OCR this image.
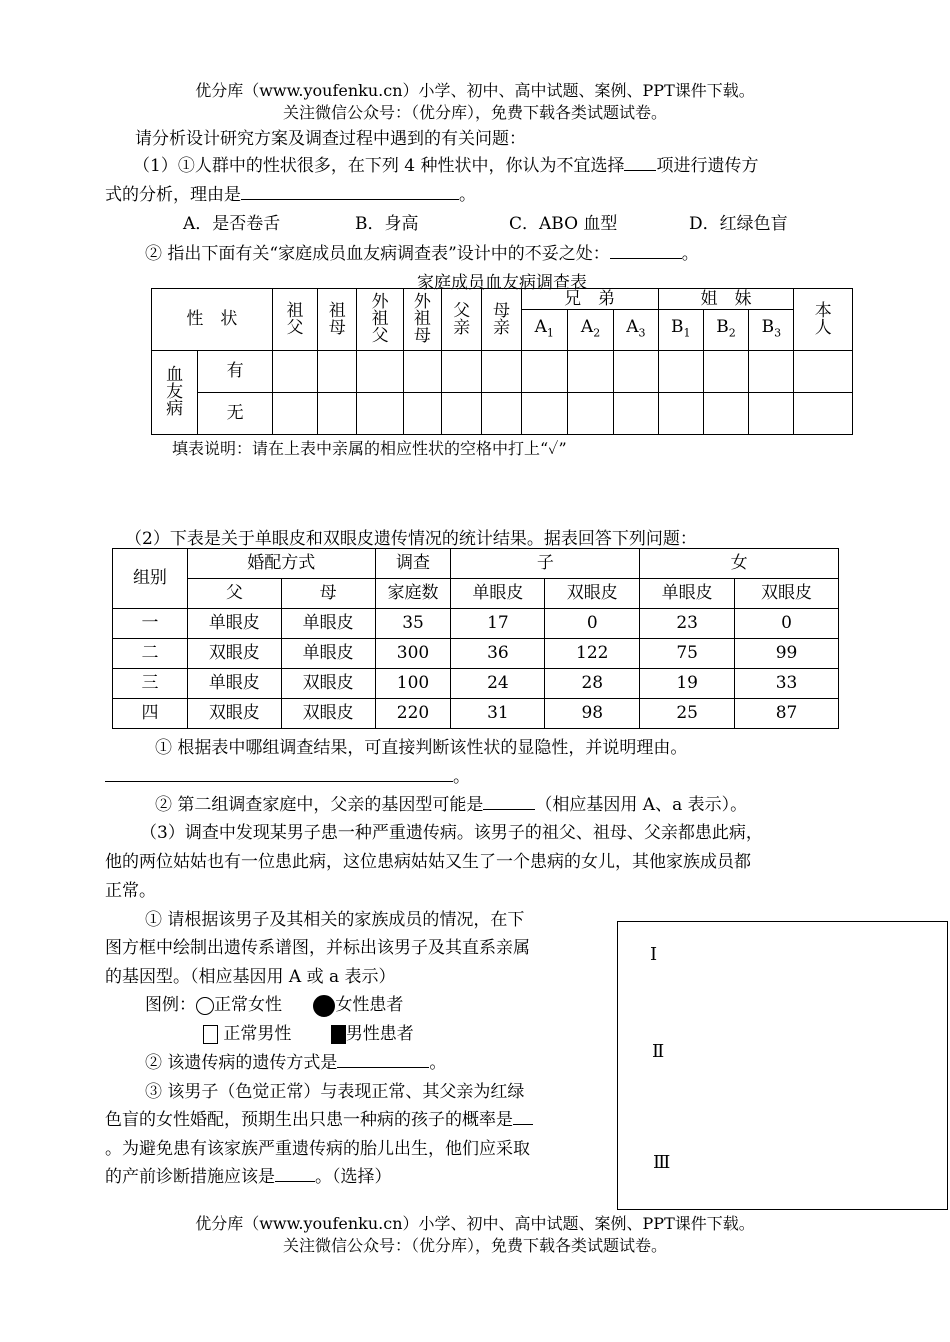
优分库（www.youfenku.cn）小学、初中、高中试题、案例、PPT课件下载。
关注微信公众号：（优分库），免费下载各类试题试卷。
请分析设计研究方案及调查过程中遇到的有关问题：
（1）①人群中的性状很多，在下列 4 种性状中，你认为不宜选择 项进行遗传方
式的分析，理由是	。
A．是否卷舌	B．身高	C．ABO 血型	D．红绿色盲
② 指出下面有关“家庭成员血友病调查表”设计中的不妥之处：	。
家庭成员血友病调查表
性　状		祖父	祖母	外祖父	外祖母	父亲	母亲	兄　弟			姐　妹			本人
								$A_1$	$A_2$	$A_3$	$B_1$	$B_2$	$B_3$
血友病	有													
	无													
填表说明：请在上表中亲属的相应性状的空格中打上“✓”
（2）下表是关于单眼皮和双眼皮遗传情况的统计结果。据表回答下列问题：
组别	婚配方式		调查	子		女	
	父	母	家庭数	单眼皮	双眼皮	单眼皮	双眼皮
一	单眼皮	单眼皮	35	17	0	23	0
二	双眼皮	单眼皮	300	36	122	75	99
三	单眼皮	双眼皮	100	24	28	19	33
四	双眼皮	双眼皮	220	31	98	25	87
① 根据表中哪组调查结果，可直接判断该性状的显隐性，并说明理由。
。
② 第二组调查家庭中，父亲的基因型可能是	（相应基因用 A、a 表示）。
（3）调查中发现某男子患一种严重遗传病。该男子的祖父、祖母、父亲都患此病，
他的两位姑姑也有一位患此病，这位患病姑姑又生了一个患病的女儿，其他家族成员都
正常。
① 请根据该男子及其相关的家族成员的情况，在下
图方框中绘制出遗传系谱图，并标出该男子及其直系亲属
的基因型。（相应基因用 A 或 a 表示）
图例： 正常女性	女性患者
正常男性	男性患者
② 该遗传病的遗传方式是	。
③ 该男子（色觉正常）与表现正常、其父亲为红绿
色盲的女性婚配，预期生出只患一种病的孩子的概率是
。为避免患有该家族严重遗传病的胎儿出生，他们应采取
的产前诊断措施应该是 。（选择）
Ⅰ
Ⅱ
Ⅲ
优分库（www.youfenku.cn）小学、初中、高中试题、案例、PPT课件下载。
关注微信公众号：（优分库），免费下载各类试题试卷。
